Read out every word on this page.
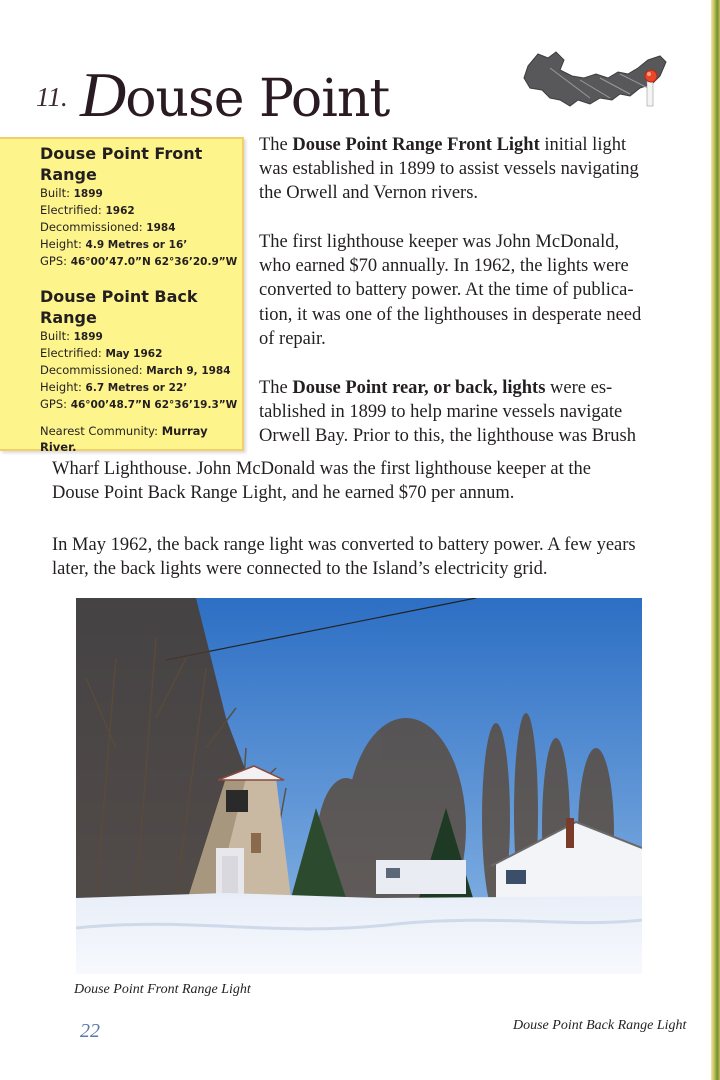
11. Douse Point
Douse Point Front
Range
Built: 1899
Electrified: 1962
Decommissioned: 1984
Height: 4.9 Metres or 16’
GPS: 46°00’47.0”N 62°36’20.9”W
Douse Point Back
Range
Built: 1899
Electrified: May 1962
Decommissioned: March 9, 1984
Height: 6.7 Metres or 22’
GPS: 46°00’48.7”N 62°36’19.3”W
Nearest Community: Murray
River.
The Douse Point Range Front Light initial light
was established in 1899 to assist vessels navigating
the Orwell and Vernon rivers.
The first lighthouse keeper was John McDonald,
who earned $70 annually. In 1962, the lights were
converted to battery power. At the time of publica-
tion, it was one of the lighthouses in desperate need
of repair.
The Douse Point rear, or back, lights were es-
tablished in 1899 to help marine vessels navigate
Orwell Bay. Prior to this, the lighthouse was Brush
Wharf Lighthouse. John McDonald was the first lighthouse keeper at the
Douse Point Back Range Light, and he earned $70 per annum.
In May 1962, the back range light was converted to battery power. A few years
later, the back lights were connected to the Island’s electricity grid.
Douse Point Front Range Light
Douse Point Back Range Light
22
